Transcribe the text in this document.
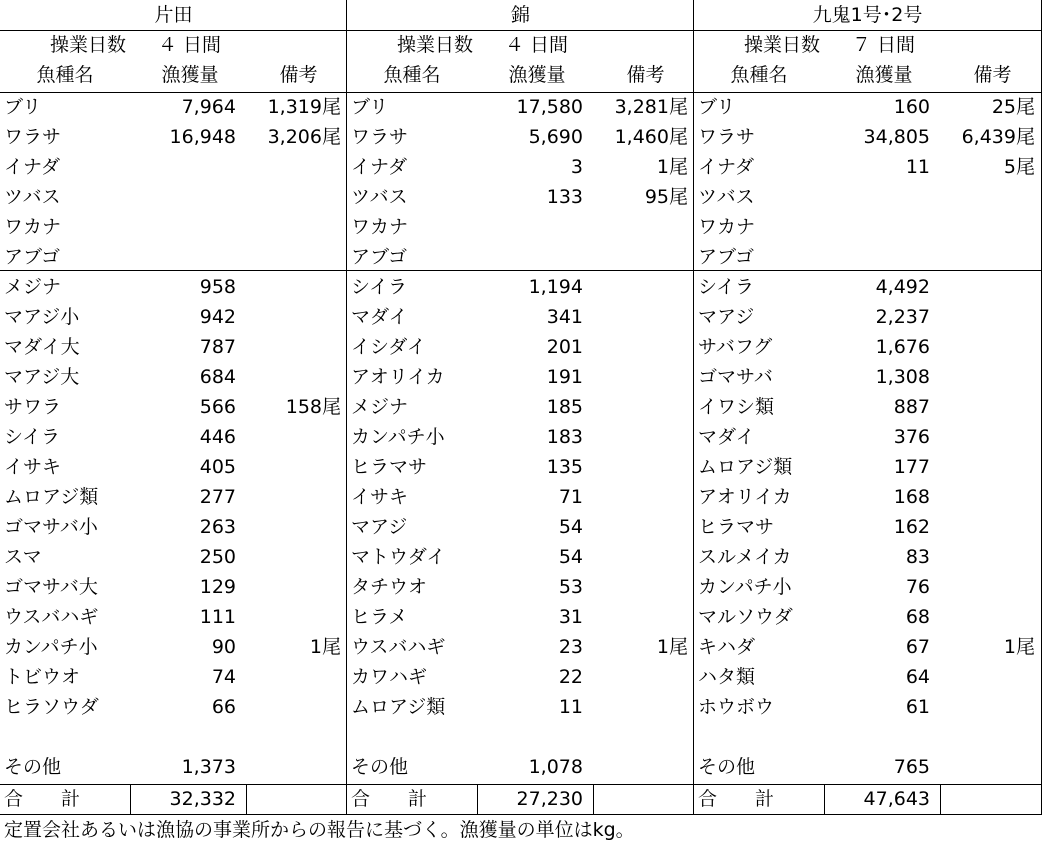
片田
操業日数 ４ 日間
魚種名	漁獲量	備考
ブリ	7,964	1,319尾
ワラサ	16,948	3,206尾
イナダ
ツバス
ワカナ
アブゴ
メジナ	958
マアジ小	942
マダイ大	787
マアジ大	684
サワラ	566	158尾
シイラ	446
イサキ	405
ムロアジ類	277
ゴマサバ小	263
スマ	250
ゴマサバ大	129
ウスバハギ	111
カンパチ小	90	1尾
トビウオ	74
ヒラソウダ	66
その他	1,373
合　　計	32,332
錦
操業日数 ４ 日間
魚種名	漁獲量	備考
ブリ	17,580	3,281尾
ワラサ	5,690	1,460尾
イナダ	3	1尾
ツバス	133	95尾
ワカナ
アブゴ
シイラ	1,194
マダイ	341
イシダイ	201
アオリイカ	191
メジナ	185
カンパチ小	183
ヒラマサ	135
イサキ	71
マアジ	54
マトウダイ	54
タチウオ	53
ヒラメ	31
ウスバハギ	23	1尾
カワハギ	22
ムロアジ類	11
その他	1,078
合　　計	27,230
九鬼1号･2号
操業日数 ７ 日間
魚種名	漁獲量	備考
ブリ	160	25尾
ワラサ	34,805	6,439尾
イナダ	11	5尾
ツバス
ワカナ
アブゴ
シイラ	4,492
マアジ	2,237
サバフグ	1,676
ゴマサバ	1,308
イワシ類	887
マダイ	376
ムロアジ類	177
アオリイカ	168
ヒラマサ	162
スルメイカ	83
カンパチ小	76
マルソウダ	68
キハダ	67	1尾
ハタ類	64
ホウボウ	61
その他	765
合　　計	47,643
定置会社あるいは漁協の事業所からの報告に基づく。漁獲量の単位はkg。
